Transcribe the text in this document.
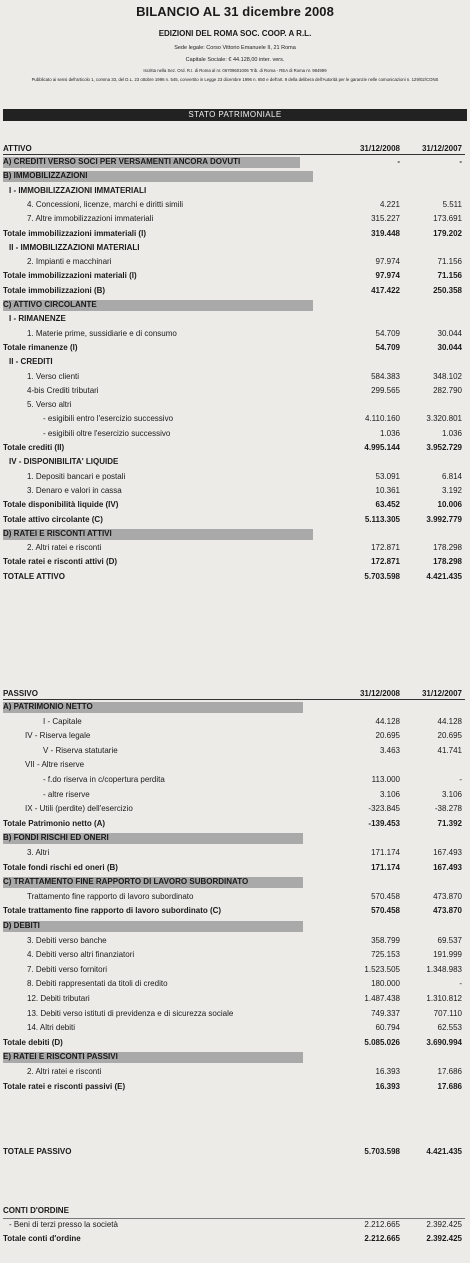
BILANCIO AL 31 dicembre 2008
EDIZIONI DEL ROMA SOC. COOP. A R.L.
Sede legale: Corso Vittorio Emanuele II, 21 Roma
Capitale Sociale: € 44.128,00 inter. vers.
Iscritta nella Sez. Ord. R.I. di Roma al nr. 06709601006 Trib. di Roma - REA di Roma nr. 984999
Pubblicato ai sensi dell'articolo 1, comma 33, del D.L. 23 ottobre 1996 n. 545, convertito in Legge 23 dicembre 1996 n. 650 e dell'art. 9 della delibera dell'Autorità per le garanzie nelle comunicazioni n. 129/02/CONS
STATO PATRIMONIALE
ATTIVO	31/12/2008	31/12/2007
A) CREDITI VERSO SOCI PER VERSAMENTI ANCORA DOVUTI	-	-
B) IMMOBILIZZAZIONI
I - IMMOBILIZZAZIONI IMMATERIALI
4. Concessioni, licenze, marchi e diritti simili	4.221	5.511
7. Altre immobilizzazioni immateriali	315.227	173.691
Totale immobilizzazioni immateriali (I)	319.448	179.202
II - IMMOBILIZZAZIONI MATERIALI
2. Impianti e macchinari	97.974	71.156
Totale immobilizzazioni materiali (I)	97.974	71.156
Totale immobilizzazioni (B)	417.422	250.358
C) ATTIVO CIRCOLANTE
I - RIMANENZE
1. Materie prime, sussidiarie e di consumo	54.709	30.044
Totale rimanenze (I)	54.709	30.044
II - CREDITI
1. Verso clienti	584.383	348.102
4-bis Crediti tributari	299.565	282.790
5. Verso altri
- esigibili entro l'esercizio successivo	4.110.160	3.320.801
- esigibili oltre l'esercizio successivo	1.036	1.036
Totale crediti (II)	4.995.144	3.952.729
IV - DISPONIBILITA' LIQUIDE
1. Depositi bancari e postali	53.091	6.814
3. Denaro e valori in cassa	10.361	3.192
Totale disponibilità liquide (IV)	63.452	10.006
Totale attivo circolante (C)	5.113.305	3.992.779
D) RATEI E RISCONTI ATTIVI
2. Altri ratei e risconti	172.871	178.298
Totale ratei e risconti attivi (D)	172.871	178.298
TOTALE ATTIVO	5.703.598	4.421.435
PASSIVO	31/12/2008	31/12/2007
A) PATRIMONIO NETTO
I - Capitale	44.128	44.128
IV - Riserva legale	20.695	20.695
V - Riserva statutarie	3.463	41.741
VII - Altre riserve
- f.do riserva in c/copertura perdita	113.000	-
- altre riserve	3.106	3.106
IX - Utili (perdite) dell'esercizio	-323.845	-38.278
Totale Patrimonio netto (A)	-139.453	71.392
B) FONDI RISCHI ED ONERI
3. Altri	171.174	167.493
Totale fondi rischi ed oneri (B)	171.174	167.493
C) TRATTAMENTO FINE RAPPORTO DI LAVORO SUBORDINATO
Trattamento fine rapporto di lavoro subordinato	570.458	473.870
Totale trattamento fine rapporto di lavoro subordinato (C)	570.458	473.870
D) DEBITI
3. Debiti verso banche	358.799	69.537
4. Debiti verso altri finanziatori	725.153	191.999
7. Debiti verso fornitori	1.523.505	1.348.983
8. Debiti rappresentati da titoli di credito	180.000	-
12. Debiti tributari	1.487.438	1.310.812
13. Debiti verso istituti di previdenza e di sicurezza sociale	749.337	707.110
14. Altri debiti	60.794	62.553
Totale debiti (D)	5.085.026	3.690.994
E) RATEI E RISCONTI PASSIVI
2. Altri ratei e risconti	16.393	17.686
Totale ratei e risconti passivi (E)	16.393	17.686
TOTALE PASSIVO	5.703.598	4.421.435
CONTI D'ORDINE
- Beni di terzi presso la società	2.212.665	2.392.425
Totale conti d'ordine	2.212.665	2.392.425
